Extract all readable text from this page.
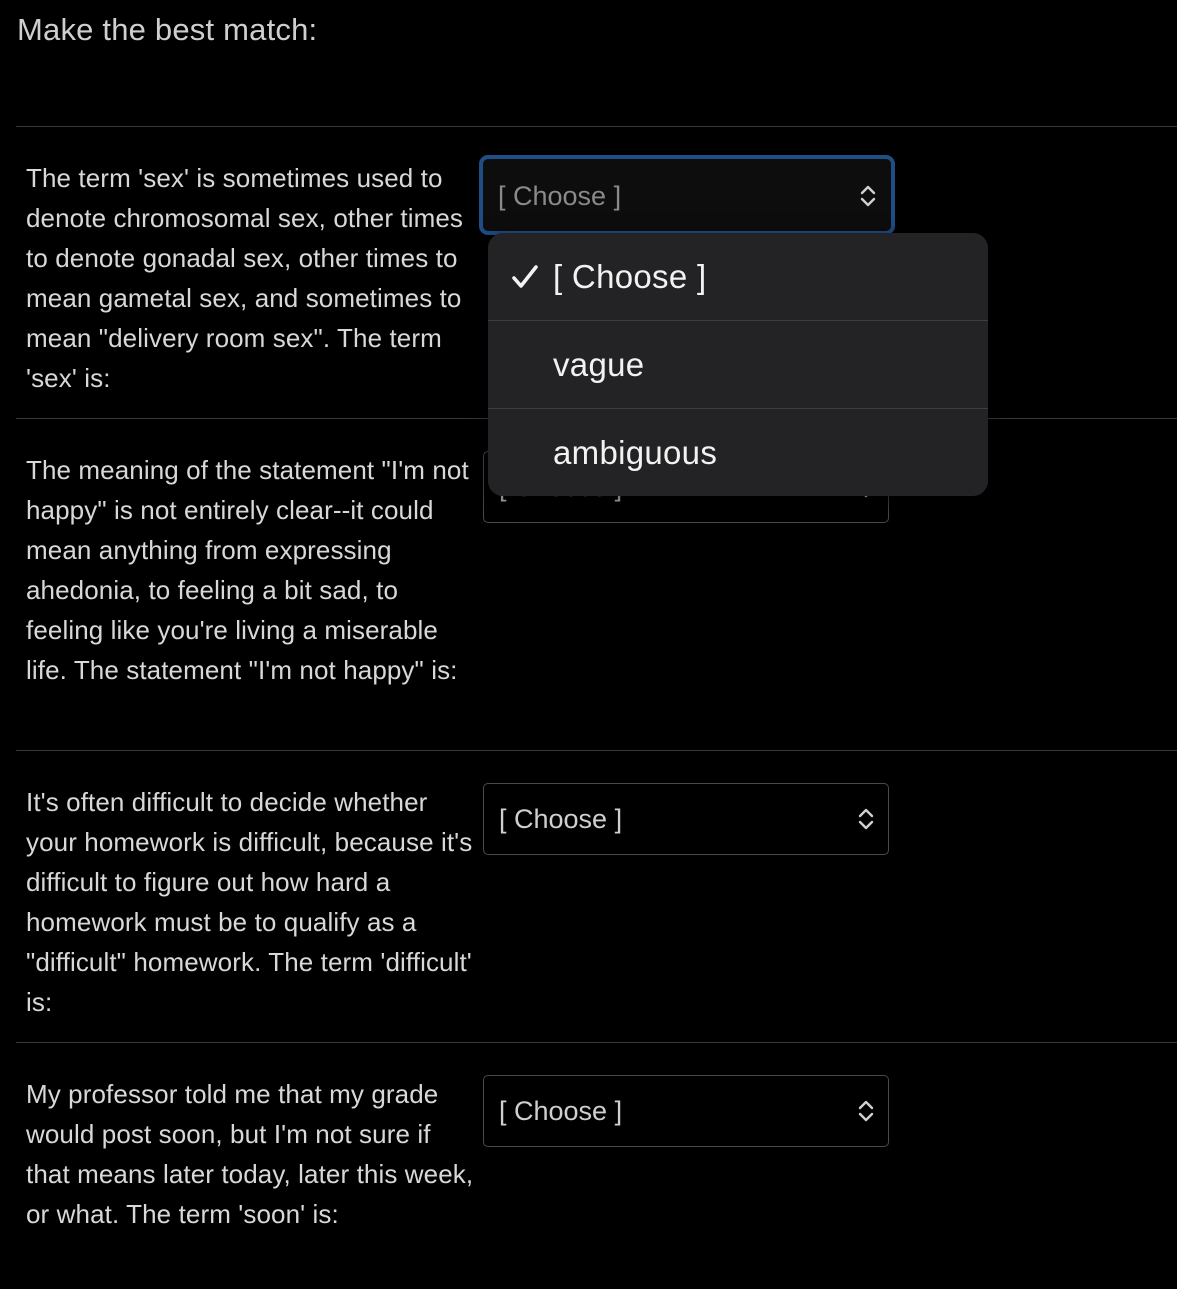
Make the best match:
The term 'sex' is sometimes used to denote chromosomal sex, other times to denote gonadal sex, other times to mean gametal sex, and sometimes to mean "delivery room sex". The term 'sex' is:
[ Choose ]
The meaning of the statement "I'm not happy" is not entirely clear--it could mean anything from expressing ahedonia, to feeling a bit sad, to feeling like you're living a miserable life. The statement "I'm not happy" is:
It's often difficult to decide whether your homework is difficult, because it's difficult to figure out how hard a homework must be to qualify as a "difficult" homework. The term 'difficult' is:
[ Choose ]
My professor told me that my grade would post soon, but I'm not sure if that means later today, later this week, or what. The term 'soon' is:
[ Choose ]
[ Choose ]
vague
ambiguous
